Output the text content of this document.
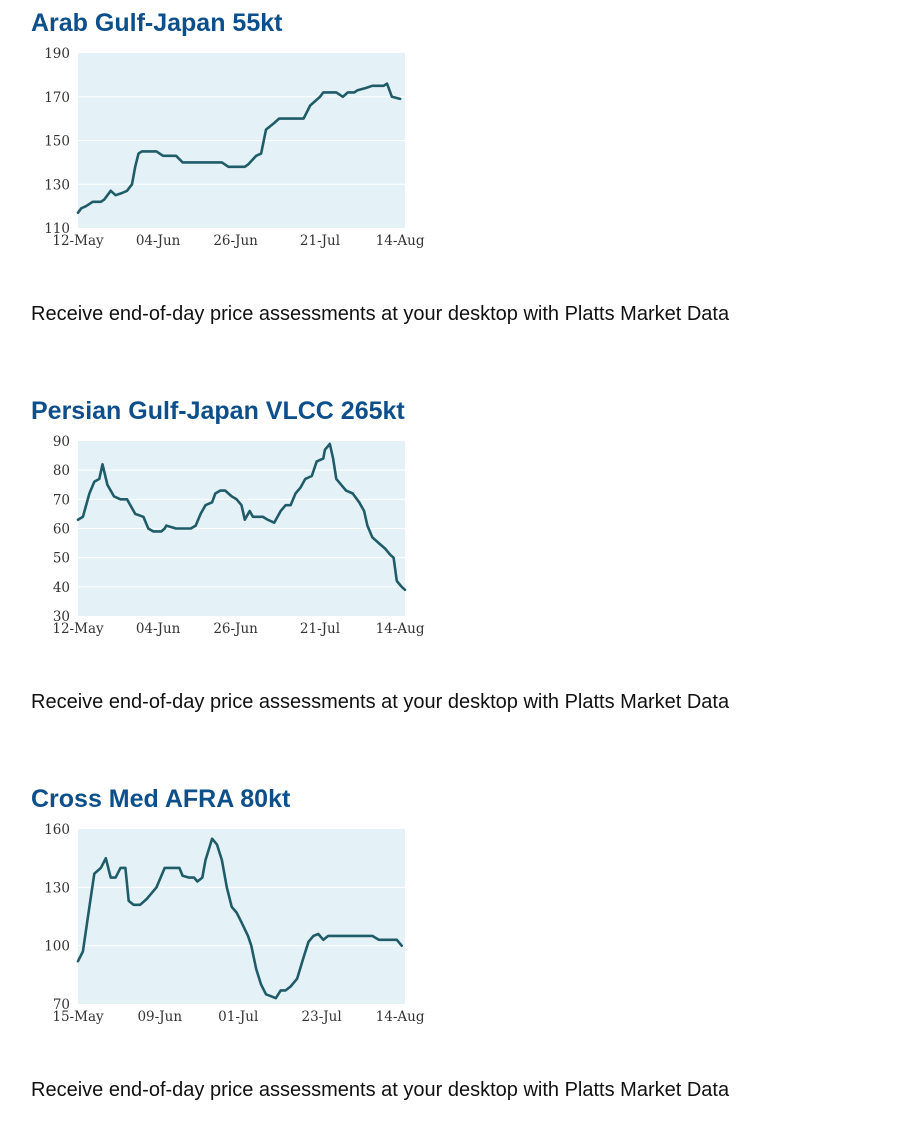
Arab Gulf-Japan 55kt
110
130
150
170
190
12-May 04-Jun 26-Jun	21-Jul	14-Aug
Receive end-of-day price assessments at your desktop with Platts Market Data
Persian Gulf-Japan VLCC 265kt
30
40
50
60
70
80
90
12-May 04-Jun 26-Jun	21-Jul	14-Aug
Receive end-of-day price assessments at your desktop with Platts Market Data
Cross Med AFRA 80kt
70
100
130
160
15-May	09-Jun	01-Jul	23-Jul	14-Aug
Receive end-of-day price assessments at your desktop with Platts Market Data
